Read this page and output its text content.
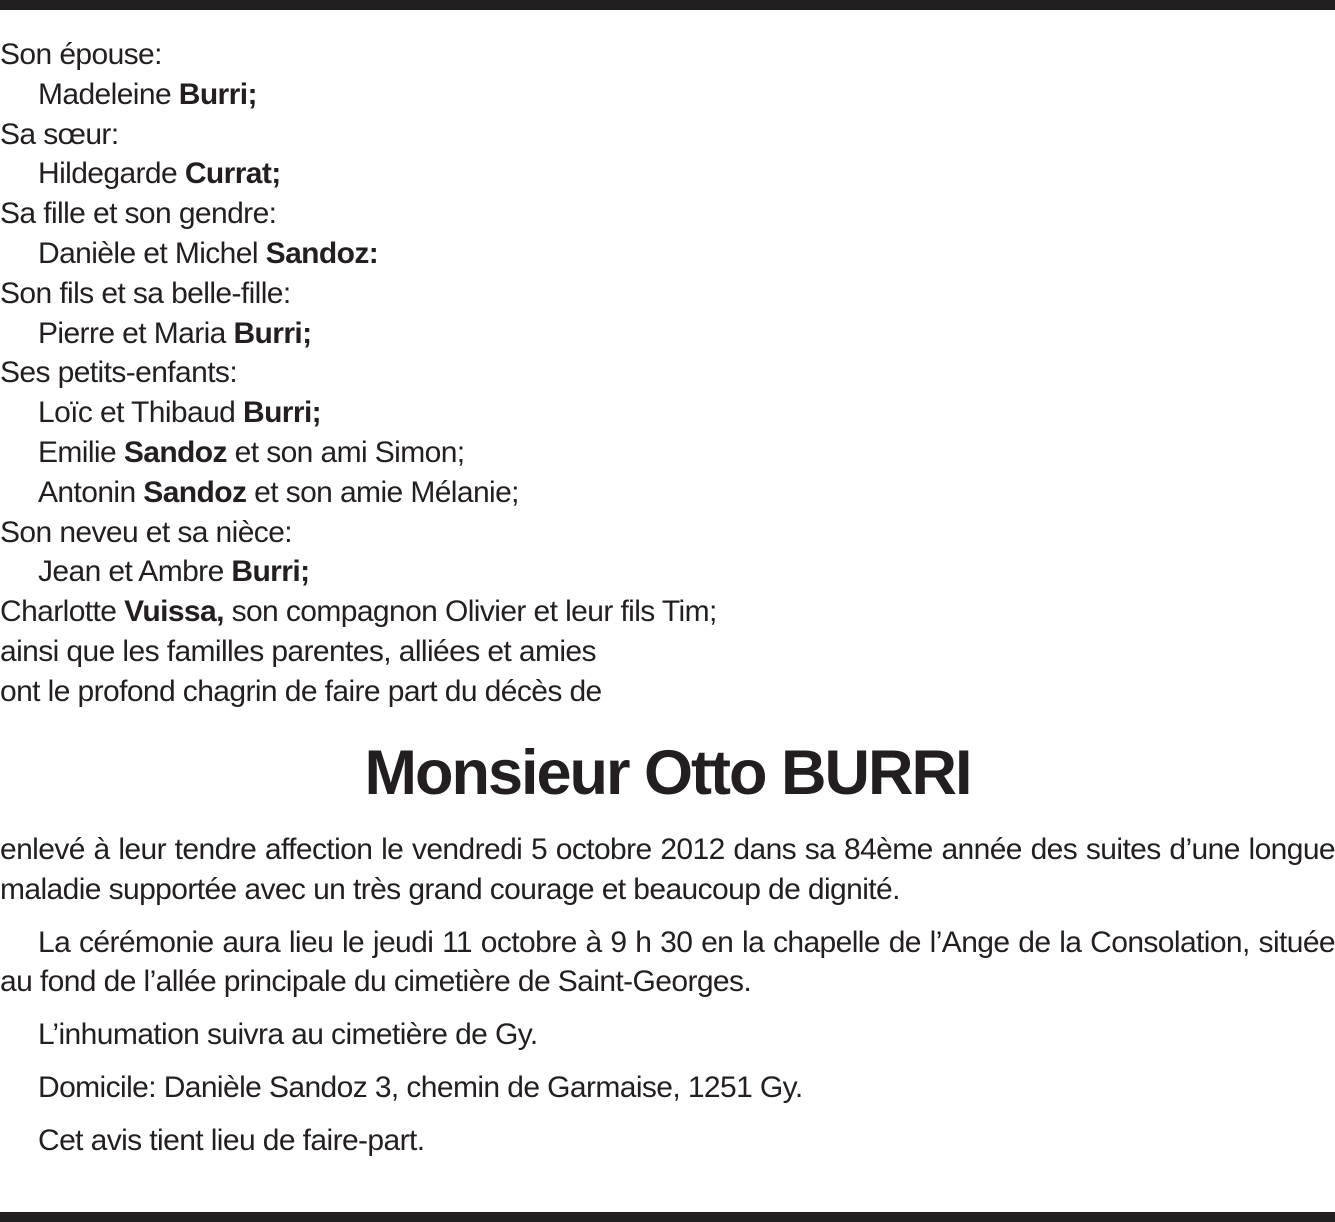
Son épouse:
Madeleine Burri;
Sa sœur:
Hildegarde Currat;
Sa fille et son gendre:
Danièle et Michel Sandoz:
Son fils et sa belle-fille:
Pierre et Maria Burri;
Ses petits-enfants:
Loïc et Thibaud Burri;
Emilie Sandoz et son ami Simon;
Antonin Sandoz et son amie Mélanie;
Son neveu et sa nièce:
Jean et Ambre Burri;
Charlotte Vuissa, son compagnon Olivier et leur fils Tim;
ainsi que les familles parentes, alliées et amies
ont le profond chagrin de faire part du décès de
Monsieur Otto BURRI

enlevé à leur tendre affection le vendredi 5 octobre 2012 dans sa 84ème année des suites d’une longue maladie supportée avec un très grand courage et beaucoup de dignité.

La cérémonie aura lieu le jeudi 11 octobre à 9 h 30 en la chapelle de l’Ange de la Consolation, située au fond de l’allée principale du cimetière de Saint-Georges.

L’inhumation suivra au cimetière de Gy.

Domicile: Danièle Sandoz 3, chemin de Garmaise, 1251 Gy.

Cet avis tient lieu de faire-part.
